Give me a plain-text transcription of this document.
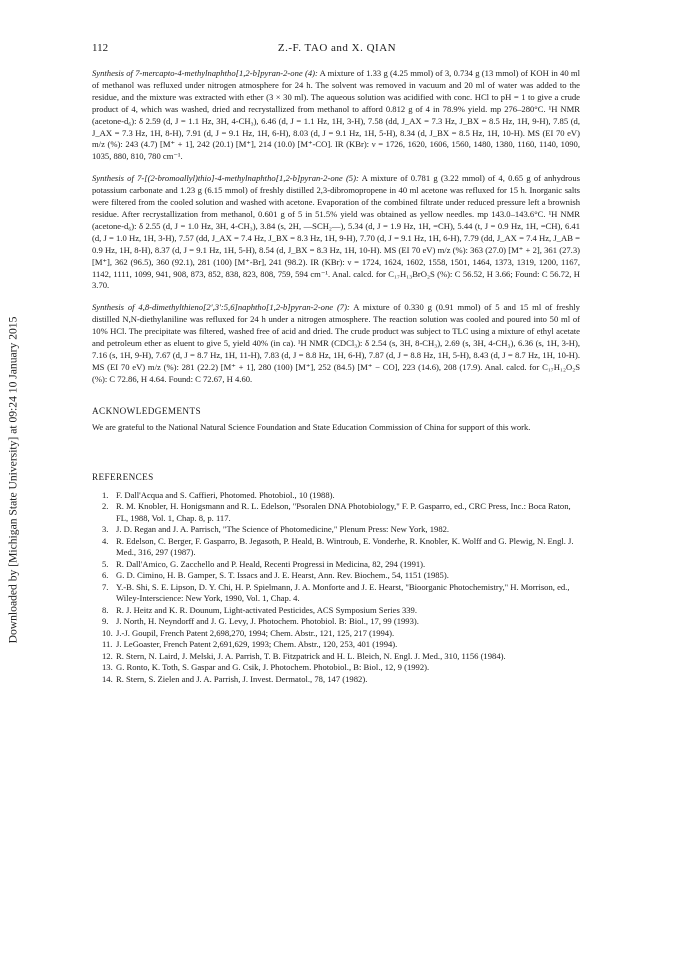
Downloaded by [Michigan State University] at 09:24 10 January 2015
112	Z.-F. TAO and X. QIAN

Synthesis of 7-mercapto-4-methylnaphtho[1,2-b]pyran-2-one (4): A mixture of 1.33 g (4.25 mmol) of 3, 0.734 g (13 mmol) of KOH in 40 ml of methanol was refluxed under nitrogen atmosphere for 24 h. The solvent was removed in vacuum and 20 ml of water was added to the residue, and the mixture was extracted with ether (3 × 30 ml). The aqueous solution was acidified with conc. HCl to pH = 1 to give a crude product of 4, which was washed, dried and recrystallized from methanol to afford 0.812 g of 4 in 78.9% yield. mp 276–280°C. ¹H NMR (acetone-d₆): δ 2.59 (d, J = 1.1 Hz, 3H, 4-CH₃), 6.46 (d, J = 1.1 Hz, 1H, 3-H), 7.58 (dd, J_AX = 7.3 Hz, J_BX = 8.5 Hz, 1H, 9-H), 7.85 (d, J_AX = 7.3 Hz, 1H, 8-H), 7.91 (d, J = 9.1 Hz, 1H, 6-H), 8.03 (d, J = 9.1 Hz, 1H, 5-H), 8.34 (d, J_BX = 8.5 Hz, 1H, 10-H). MS (EI 70 eV) m/z (%): 243 (4.7) [M⁺ + 1], 242 (20.1) [M⁺], 214 (10.0) [M⁺-CO]. IR (KBr): ν = 1726, 1620, 1606, 1560, 1480, 1380, 1160, 1140, 1090, 1035, 880, 810, 780 cm⁻¹.

Synthesis of 7-[(2-bromoallyl)thio]-4-methylnaphtho[1,2-b]pyran-2-one (5): A mixture of 0.781 g (3.22 mmol) of 4, 0.65 g of anhydrous potassium carbonate and 1.23 g (6.15 mmol) of freshly distilled 2,3-dibromopropene in 40 ml acetone was refluxed for 15 h. Inorganic salts were filtered from the cooled solution and washed with acetone. Evaporation of the combined filtrate under reduced pressure left a brownish residue. After recrystallization from methanol, 0.601 g of 5 in 51.5% yield was obtained as yellow needles. mp 143.0–143.6°C. ¹H NMR (acetone-d₆): δ 2.55 (d, J = 1.0 Hz, 3H, 4-CH₃), 3.84 (s, 2H, —SCH₂—), 5.34 (d, J = 1.9 Hz, 1H, =CH), 5.44 (t, J = 0.9 Hz, 1H, =CH), 6.41 (d, J = 1.0 Hz, 1H, 3-H), 7.57 (dd, J_AX = 7.4 Hz, J_BX = 8.3 Hz, 1H, 9-H), 7.70 (d, J = 9.1 Hz, 1H, 6-H), 7.79 (dd, J_AX = 7.4 Hz, J_AB = 0.9 Hz, 1H, 8-H), 8.37 (d, J = 9.1 Hz, 1H, 5-H), 8.54 (d, J_BX = 8.3 Hz, 1H, 10-H). MS (EI 70 eV) m/z (%): 363 (27.0) [M⁺ + 2], 361 (27.3) [M⁺], 362 (96.5), 360 (92.1), 281 (100) [M⁺-Br], 241 (98.2). IR (KBr): ν = 1724, 1624, 1602, 1558, 1501, 1464, 1373, 1319, 1200, 1167, 1142, 1111, 1099, 941, 908, 873, 852, 838, 823, 808, 759, 594 cm⁻¹. Anal. calcd. for C₁₇H₁₃BrO₂S (%): C 56.52, H 3.66; Found: C 56.72, H 3.70.

Synthesis of 4,8-dimethylthieno[2′,3′:5,6]naphtho[1,2-b]pyran-2-one (7): A mixture of 0.330 g (0.91 mmol) of 5 and 15 ml of freshly distilled N,N-diethylaniline was refluxed for 24 h under a nitrogen atmosphere. The reaction solution was cooled and poured into 50 ml of 10% HCl. The precipitate was filtered, washed free of acid and dried. The crude product was subject to TLC using a mixture of ethyl acetate and petroleum ether as eluent to give 5, yield 40% (in ca). ¹H NMR (CDCl₃): δ 2.54 (s, 3H, 8-CH₃), 2.69 (s, 3H, 4-CH₃), 6.36 (s, 1H, 3-H), 7.16 (s, 1H, 9-H), 7.67 (d, J = 8.7 Hz, 1H, 11-H), 7.83 (d, J = 8.8 Hz, 1H, 6-H), 7.87 (d, J = 8.8 Hz, 1H, 5-H), 8.43 (d, J = 8.7 Hz, 1H, 10-H). MS (EI 70 eV) m/z (%): 281 (22.2) [M⁺ + 1], 280 (100) [M⁺], 252 (84.5) [M⁺ − CO], 223 (14.6), 208 (17.9). Anal. calcd. for C₁₇H₁₂O₂S (%): C 72.86, H 4.64. Found: C 72.67, H 4.60.

ACKNOWLEDGEMENTS

We are grateful to the National Natural Science Foundation and State Education Commission of China for support of this work.

REFERENCES
1. F. Dall'Acqua and S. Caffieri, Photomed. Photobiol., 10 (1988).
2. R. M. Knobler, H. Honigsmann and R. L. Edelson, "Psoralen DNA Photobiology," F. P. Gasparro, ed., CRC Press, Inc.: Boca Raton, FL, 1988, Vol. 1, Chap. 8, p. 117.
3. J. D. Regan and J. A. Parrisch, "The Science of Photomedicine," Plenum Press: New York, 1982.
4. R. Edelson, C. Berger, F. Gasparro, B. Jegasoth, P. Heald, B. Wintroub, E. Vonderhe, R. Knobler, K. Wolff and G. Plewig, N. Engl. J. Med., 316, 297 (1987).
5. R. Dall'Amico, G. Zacchello and P. Heald, Recenti Progressi in Medicina, 82, 294 (1991).
6. G. D. Cimino, H. B. Gamper, S. T. Issacs and J. E. Hearst, Ann. Rev. Biochem., 54, 1151 (1985).
7. Y.-B. Shi, S. E. Lipson, D. Y. Chi, H. P. Spielmann, J. A. Monforte and J. E. Hearst, "Bioorganic Photochemistry," H. Morrison, ed., Wiley-Interscience: New York, 1990, Vol. 1, Chap. 4.
8. R. J. Heitz and K. R. Dounum, Light-activated Pesticides, ACS Symposium Series 339.
9. J. North, H. Neyndorff and J. G. Levy, J. Photochem. Photobiol. B: Biol., 17, 99 (1993).
10. J.-J. Goupil, French Patent 2,698,270, 1994; Chem. Abstr., 121, 125, 217 (1994).
11. J. LeGoaster, French Patent 2,691,629, 1993; Chem. Abstr., 120, 253, 401 (1994).
12. R. Stern, N. Laird, J. Melski, J. A. Parrish, T. B. Fitzpatrick and H. L. Bleich, N. Engl. J. Med., 310, 1156 (1984).
13. G. Ronto, K. Toth, S. Gaspar and G. Csik, J. Photochem. Photobiol., B: Biol., 12, 9 (1992).
14. R. Stern, S. Zielen and J. A. Parrish, J. Invest. Dermatol., 78, 147 (1982).
